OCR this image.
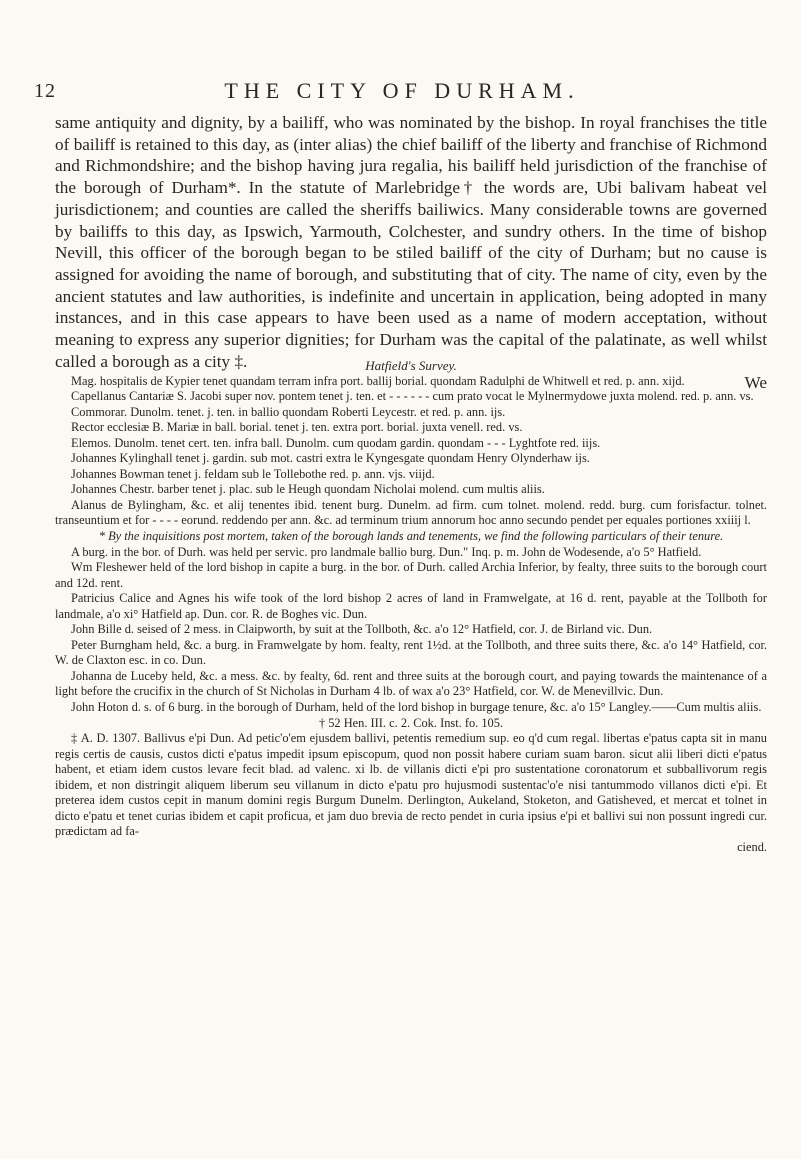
12	THE CITY OF DURHAM.

same antiquity and dignity, by a bailiff, who was nominated by the bishop. In royal franchises the title of bailiff is retained to this day, as (inter alias) the chief bailiff of the liberty and franchise of Richmond and Richmondshire; and the bishop having jura regalia, his bailiff held jurisdiction of the franchise of the borough of Durham*. In the statute of Marlebridge† the words are, Ubi balivam habeat vel jurisdictionem; and counties are called the sheriffs bailiwics. Many considerable towns are governed by bailiffs to this day, as Ipswich, Yarmouth, Colchester, and sundry others. In the time of bishop Nevill, this officer of the borough began to be stiled bailiff of the city of Durham; but no cause is assigned for avoiding the name of borough, and substituting that of city. The name of city, even by the ancient statutes and law authorities, is indefinite and uncertain in application, being adopted in many instances, and in this case appears to have been used as a name of modern acceptation, without meaning to express any superior dignities; for Durham was the capital of the palatinate, as well whilst called a borough as a city ‡.

We

Hatfield's Survey.

Mag. hospitalis de Kypier tenet quandam terram infra port. ballij borial. quondam Radulphi de Whitwell et red. p. ann. xijd.

Capellanus Cantariæ S. Jacobi super nov. pontem tenet j. ten. et - - - - - - cum prato vocat le Mylnermydowe juxta molend. red. p. ann. vs.

Commorar. Dunolm. tenet. j. ten. in ballio quondam Roberti Leycestr. et red. p. ann. ijs.

Rector ecclesiæ B. Mariæ in ball. borial. tenet j. ten. extra port. borial. juxta venell. red. vs.

Elemos. Dunolm. tenet cert. ten. infra ball. Dunolm. cum quodam gardin. quondam - - - Lyghtfote red. iijs.

Johannes Kylinghall tenet j. gardin. sub mot. castri extra le Kyngesgate quondam Henry Olynderhaw ijs.

Johannes Bowman tenet j. feldam sub le Tollebothe red. p. ann. vjs. viijd.

Johannes Chestr. barber tenet j. plac. sub le Heugh quondam Nicholai molend. cum multis aliis.

Alanus de Bylingham, &c. et alij tenentes ibid. tenent burg. Dunelm. ad firm. cum tolnet. molend. redd. burg. cum forisfactur. tolnet. transeuntium et for - - - - eorund. reddendo per ann. &c. ad terminum trium annorum hoc anno secundo pendet per equales portiones xxiiij l.

* By the inquisitions post mortem, taken of the borough lands and tenements, we find the following particulars of their tenure.

A burg. in the bor. of Durh. was held per servic. pro landmale ballio burg. Dun." Inq. p. m. John de Wodesende, a'o 5° Hatfield.

Wm Fleshewer held of the lord bishop in capite a burg. in the bor. of Durh. called Archia Inferior, by fealty, three suits to the borough court and 12d. rent.

Patricius Calice and Agnes his wife took of the lord bishop 2 acres of land in Framwelgate, at 16 d. rent, payable at the Tollboth for landmale, a'o xi° Hatfield ap. Dun. cor. R. de Boghes vic. Dun.

John Bille d. seised of 2 mess. in Claipworth, by suit at the Tollboth, &c. a'o 12° Hatfield, cor. J. de Birland vic. Dun.

Peter Burngham held, &c. a burg. in Framwelgate by hom. fealty, rent 1½d. at the Tollboth, and three suits there, &c. a'o 14° Hatfield, cor. W. de Claxton esc. in co. Dun.

Johanna de Luceby held, &c. a mess. &c. by fealty, 6d. rent and three suits at the borough court, and paying towards the maintenance of a light before the crucifix in the church of St Nicholas in Durham 4 lb. of wax a'o 23° Hatfield, cor. W. de Menevillvic. Dun.

John Hoton d. s. of 6 burg. in the borough of Durham, held of the lord bishop in burgage tenure, &c. a'o 15° Langley.——Cum multis aliis.

† 52 Hen. III. c. 2. Cok. Inst. fo. 105.

‡ A. D. 1307. Ballivus e'pi Dun. Ad petic'o'em ejusdem ballivi, petentis remedium sup. eo q'd cum regal. libertas e'patus capta sit in manu regis certis de causis, custos dicti e'patus impedit ipsum episcopum, quod non possit habere curiam suam baron. sicut alii liberi dicti e'patus habent, et etiam idem custos levare fecit blad. ad valenc. xi lb. de villanis dicti e'pi pro sustentatione coronatorum et subballivorum regis ibidem, et non distringit aliquem liberum seu villanum in dicto e'patu pro hujusmodi sustentac'o'e nisi tantummodo villanos dicti e'pi. Et preterea idem custos cepit in manum domini regis Burgum Dunelm. Derlington, Aukeland, Stoketon, and Gatisheved, et mercat et tolnet in dicto e'patu et tenet curias ibidem et capit proficua, et jam duo brevia de recto pendet in curia ipsius e'pi et ballivi sui non possunt ingredi cur. prædictam ad fa-

ciend.
